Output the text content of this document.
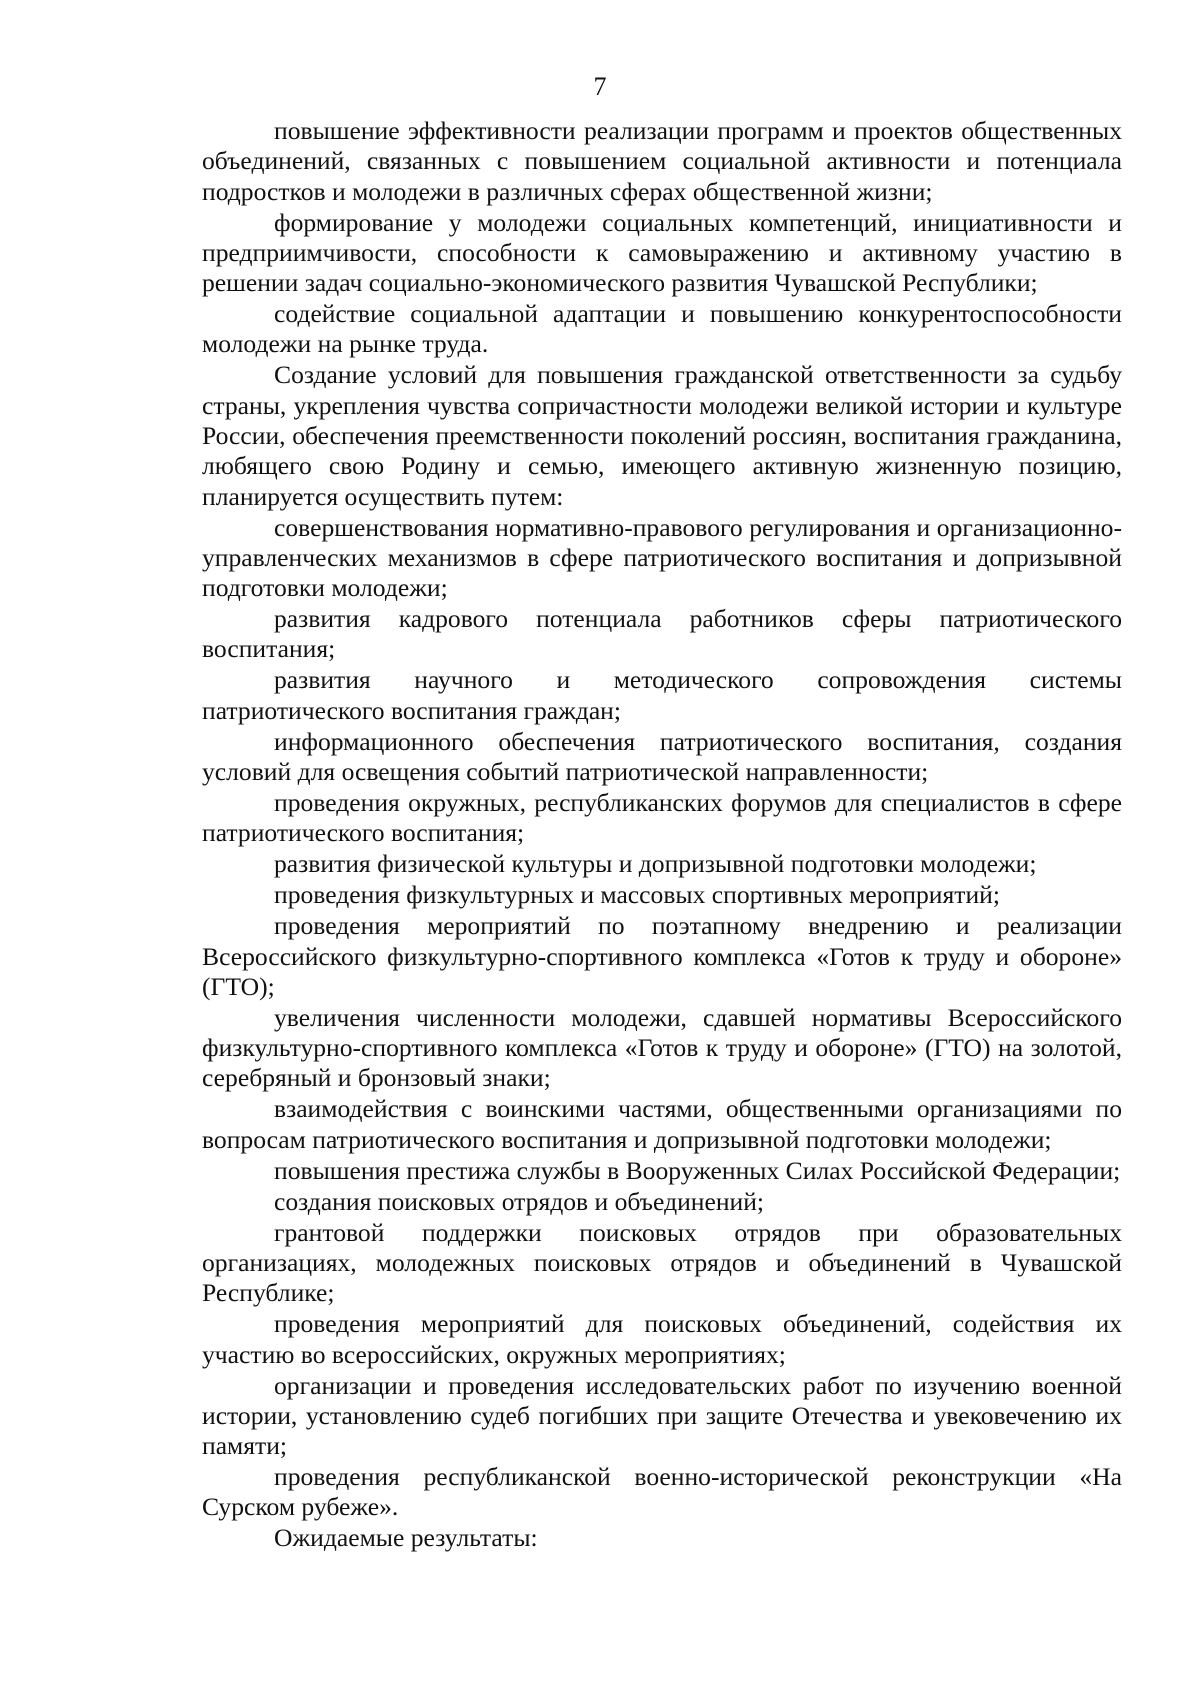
7

повышение эффективности реализации программ и проектов общественных объединений, связанных с повышением социальной активности и потенциала подростков и молодежи в различных сферах общественной жизни;

формирование у молодежи социальных компетенций, инициативности и предприимчивости, способности к самовыражению и активному участию в решении задач социально-экономического развития Чувашской Республики;

содействие социальной адаптации и повышению конкурентоспособности молодежи на рынке труда.

Создание условий для повышения гражданской ответственности за судьбу страны, укрепления чувства сопричастности молодежи великой истории и культуре России, обеспечения преемственности поколений россиян, воспитания гражданина, любящего свою Родину и семью, имеющего активную жизненную позицию, планируется осуществить путем:

совершенствования нормативно-правового регулирования и организационно-управленческих механизмов в сфере патриотического воспитания и допризывной подготовки молодежи;

развития кадрового потенциала работников сферы патриотического воспитания;

развития научного и методического сопровождения системы патриотического воспитания граждан;

информационного обеспечения патриотического воспитания, создания условий для освещения событий патриотической направленности;

проведения окружных, республиканских форумов для специалистов в сфере патриотического воспитания;

развития физической культуры и допризывной подготовки молодежи;

проведения физкультурных и массовых спортивных мероприятий;

проведения мероприятий по поэтапному внедрению и реализации Всероссийского физкультурно-спортивного комплекса «Готов к труду и обороне» (ГТО);

увеличения численности молодежи, сдавшей нормативы Всероссийского физкультурно-спортивного комплекса «Готов к труду и обороне» (ГТО) на золотой, серебряный и бронзовый знаки;

взаимодействия с воинскими частями, общественными организациями по вопросам патриотического воспитания и допризывной подготовки молодежи;

повышения престижа службы в Вооруженных Силах Российской Федерации;

создания поисковых отрядов и объединений;

грантовой поддержки поисковых отрядов при образовательных организациях, молодежных поисковых отрядов и объединений в Чувашской Республике;

проведения мероприятий для поисковых объединений, содействия их участию во всероссийских, окружных мероприятиях;

организации и проведения исследовательских работ по изучению военной истории, установлению судеб погибших при защите Отечества и увековечению их памяти;

проведения республиканской военно-исторической реконструкции «На Сурском рубеже».

Ожидаемые результаты:
